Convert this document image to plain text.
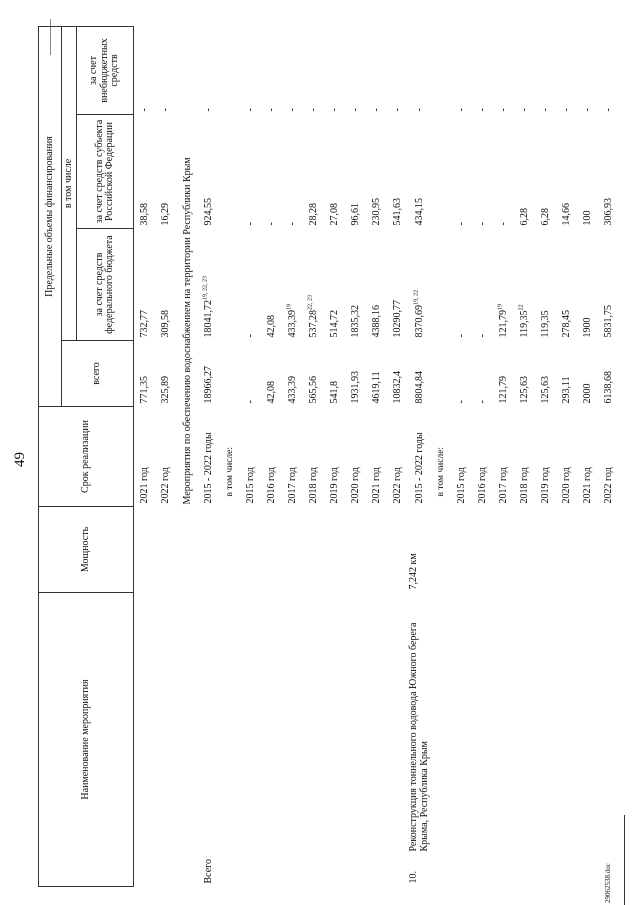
49
Наименование мероприятия		Мощность	Срок реализации	Предельные объемы финансирования			
				всего	в том числе		
					за счет средств федерального бюджета	за счет средств субъекта Российской Федерации	за счет внебюджетных средств
			2021 год	771,35	732,77	38,58	-
			2022 год	325,89	309,58	16,29	-
			Мероприятия по обеспечению водоснабжением на территории Республики Крым				
Всего			2015 - 2022 годы	18966,27	18041,72$^{19, 22, 23}$	924,55	-
			в том числе:				
			2015 год	-	-	-	-
			2016 год	42,08	42,08	-	-
			2017 год	433,39	433,39$^{19}$	-	-
			2018 год	565,56	537,28$^{22, 23}$	28,28	-
			2019 год	541,8	514,72	27,08	-
			2020 год	1931,93	1835,32	96,61	-
			2021 год	4619,11	4388,16	230,95	-
			2022 год	10832,4	10290,77	541,63	-
10.	Реконструкция тоннельного водовода Южного берега Крыма, Республика Крым	7,242 км	2015 - 2022 годы	8804,84	8370,69$^{19, 22}$	434,15	-
			в том числе:				
			2015 год	-	-	-	-
			2016 год	-	-	-	-
			2017 год	121,79	121,79$^{19}$	-	-
			2018 год	125,63	119,35$^{22}$	6,28	-
			2019 год	125,63	119,35	6,28	-
			2020 год	293,11	278,45	14,66	-
			2021 год	2000	1900	100	-
			2022 год	6138,68	5831,75	306,93	-
29062538.doc
